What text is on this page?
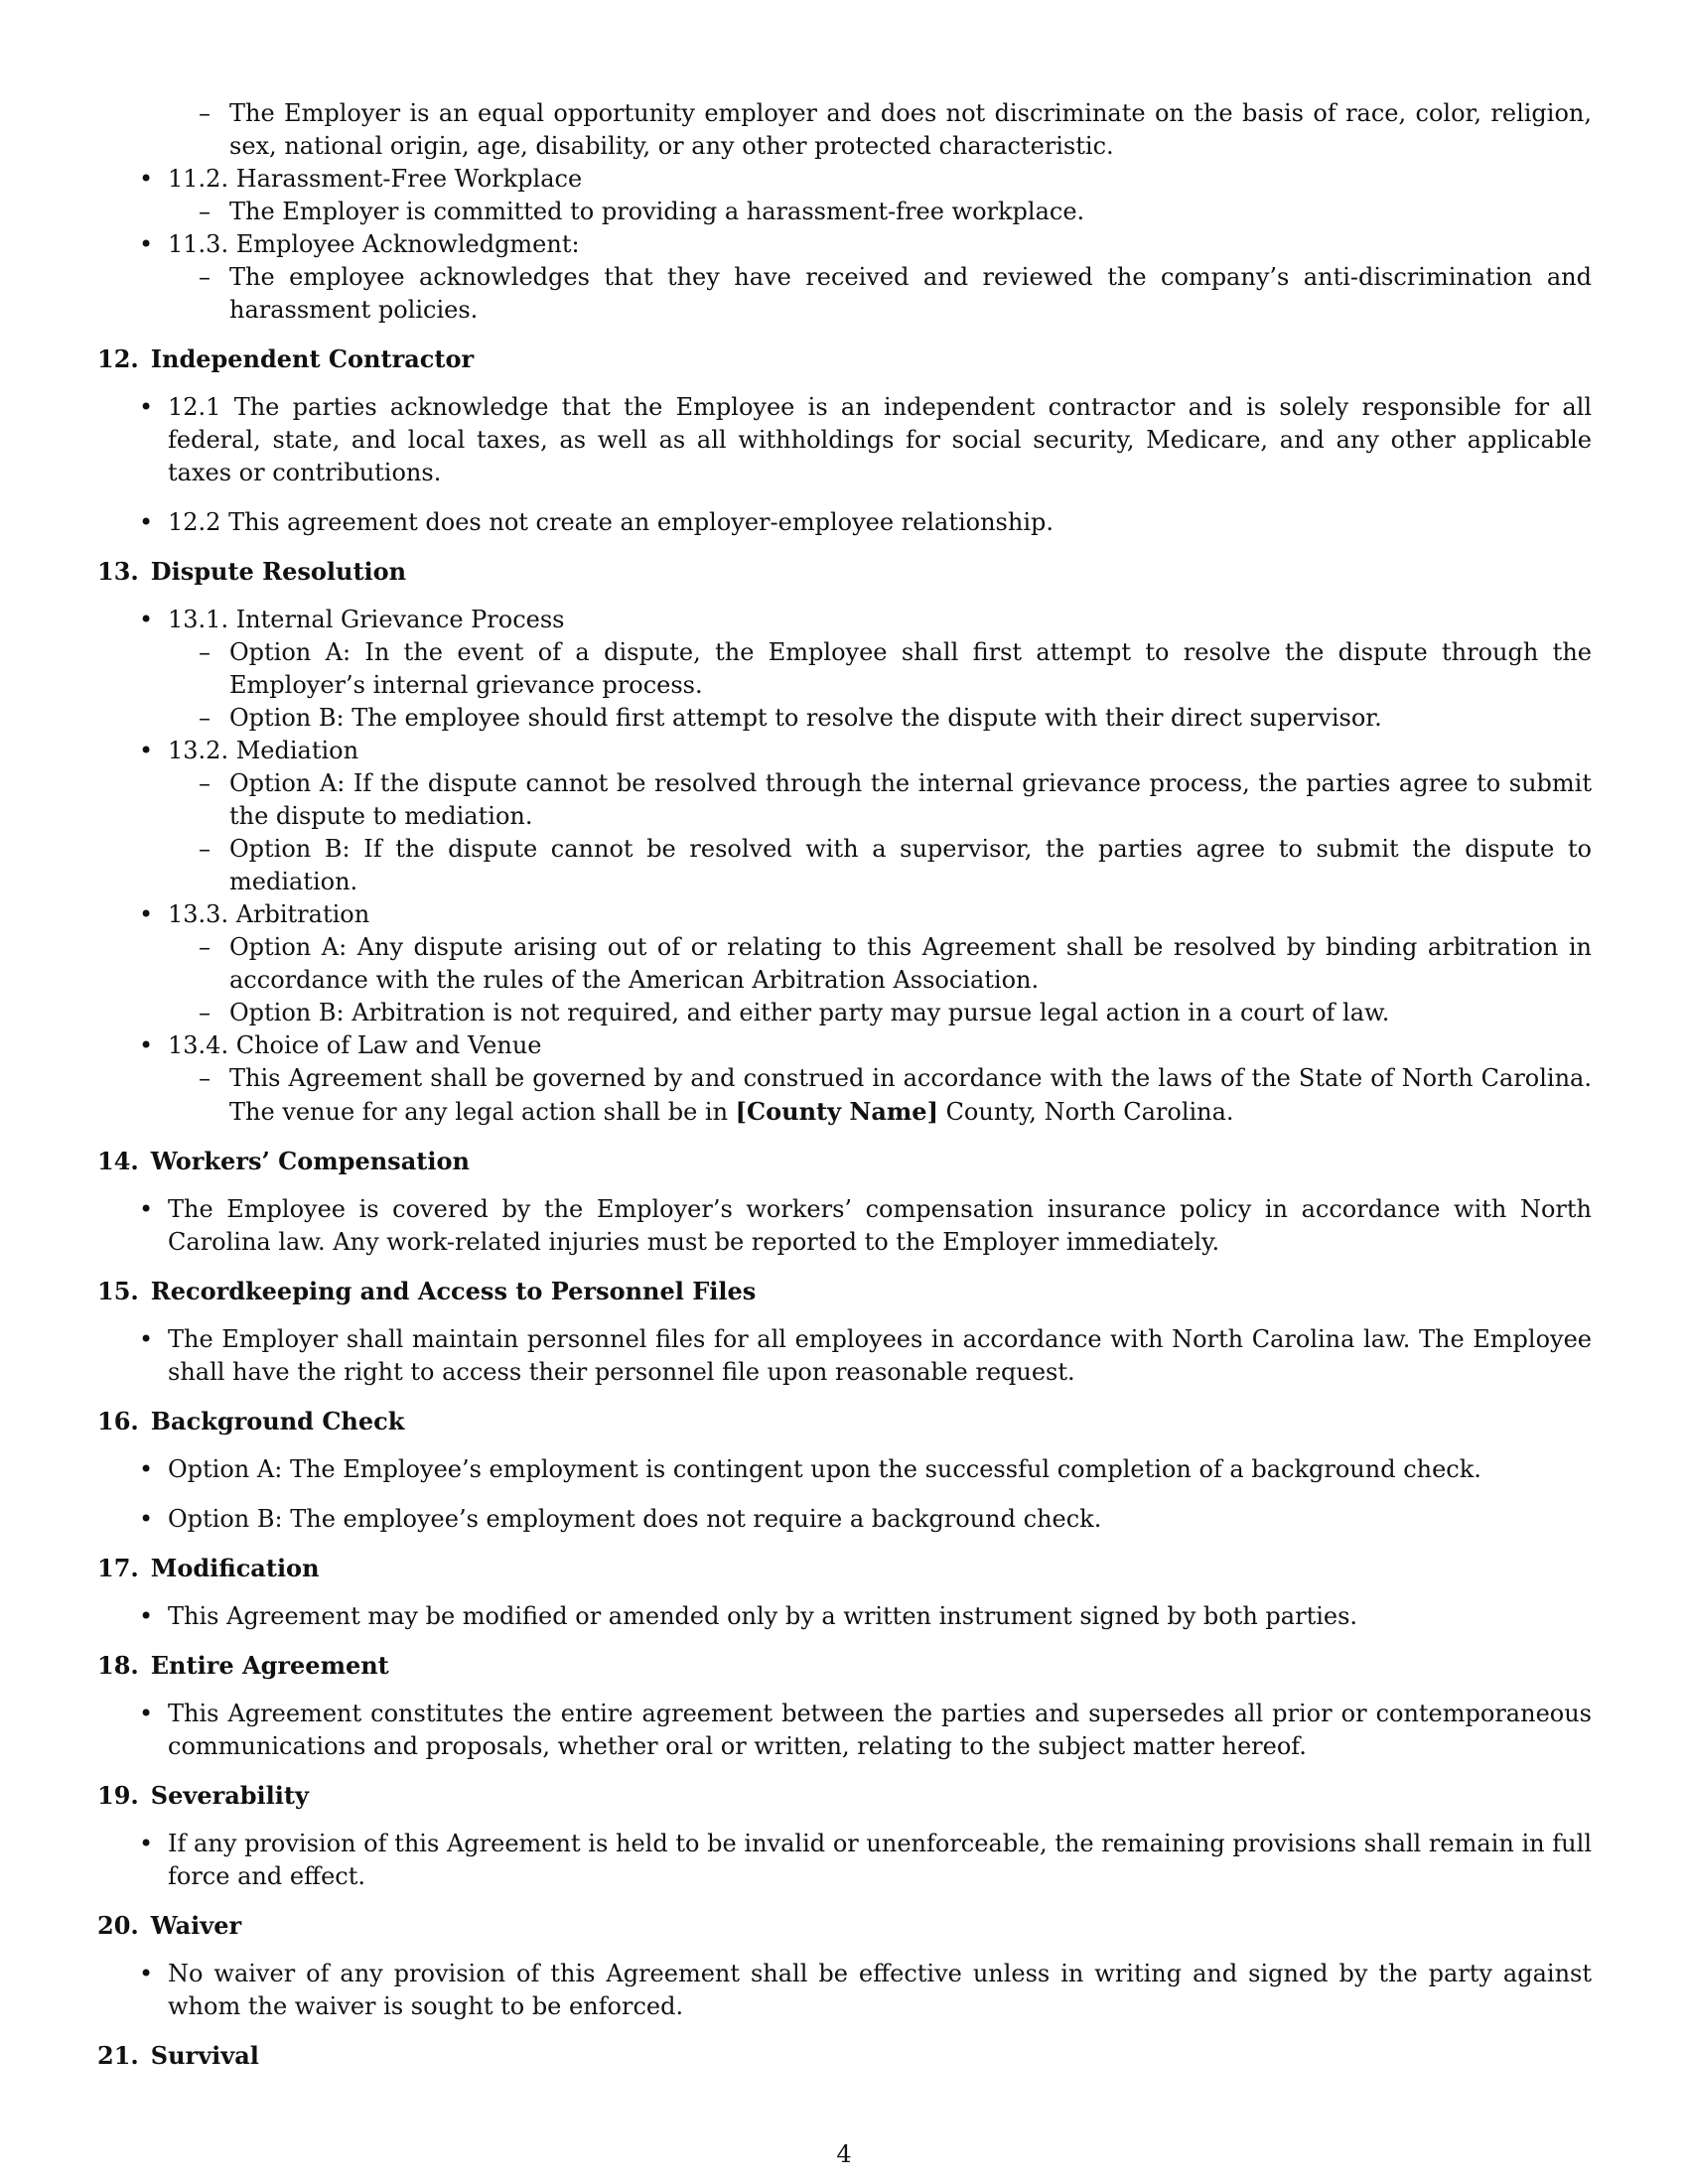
– The Employer is an equal opportunity employer and does not discriminate on the basis of race, color, religion, sex, national origin, age, disability, or any other protected characteristic.
• 11.2. Harassment-Free Workplace
– The Employer is committed to providing a harassment-free workplace.
• 11.3. Employee Acknowledgment:
– The employee acknowledges that they have received and reviewed the company’s anti-discrimination and harassment policies.
12. Independent Contractor
• 12.1 The parties acknowledge that the Employee is an independent contractor and is solely responsible for all federal, state, and local taxes, as well as all withholdings for social security, Medicare, and any other applicable taxes or contributions.
• 12.2 This agreement does not create an employer-employee relationship.
13. Dispute Resolution
• 13.1. Internal Grievance Process
– Option A: In the event of a dispute, the Employee shall first attempt to resolve the dispute through the Employer’s internal grievance process.
– Option B: The employee should first attempt to resolve the dispute with their direct supervisor.
• 13.2. Mediation
– Option A: If the dispute cannot be resolved through the internal grievance process, the parties agree to submit the dispute to mediation.
– Option B: If the dispute cannot be resolved with a supervisor, the parties agree to submit the dispute to mediation.
• 13.3. Arbitration
– Option A: Any dispute arising out of or relating to this Agreement shall be resolved by binding arbitration in accordance with the rules of the American Arbitration Association.
– Option B: Arbitration is not required, and either party may pursue legal action in a court of law.
• 13.4. Choice of Law and Venue
– This Agreement shall be governed by and construed in accordance with the laws of the State of North Carolina. The venue for any legal action shall be in [County Name] County, North Carolina.
14. Workers’ Compensation
• The Employee is covered by the Employer’s workers’ compensation insurance policy in accordance with North Carolina law. Any work-related injuries must be reported to the Employer immediately.
15. Recordkeeping and Access to Personnel Files
• The Employer shall maintain personnel files for all employees in accordance with North Carolina law. The Employee shall have the right to access their personnel file upon reasonable request.
16. Background Check
• Option A: The Employee’s employment is contingent upon the successful completion of a background check.
• Option B: The employee’s employment does not require a background check.
17. Modification
• This Agreement may be modified or amended only by a written instrument signed by both parties.
18. Entire Agreement
• This Agreement constitutes the entire agreement between the parties and supersedes all prior or contemporaneous communications and proposals, whether oral or written, relating to the subject matter hereof.
19. Severability
• If any provision of this Agreement is held to be invalid or unenforceable, the remaining provisions shall remain in full force and effect.
20. Waiver
• No waiver of any provision of this Agreement shall be effective unless in writing and signed by the party against whom the waiver is sought to be enforced.
21. Survival
4
